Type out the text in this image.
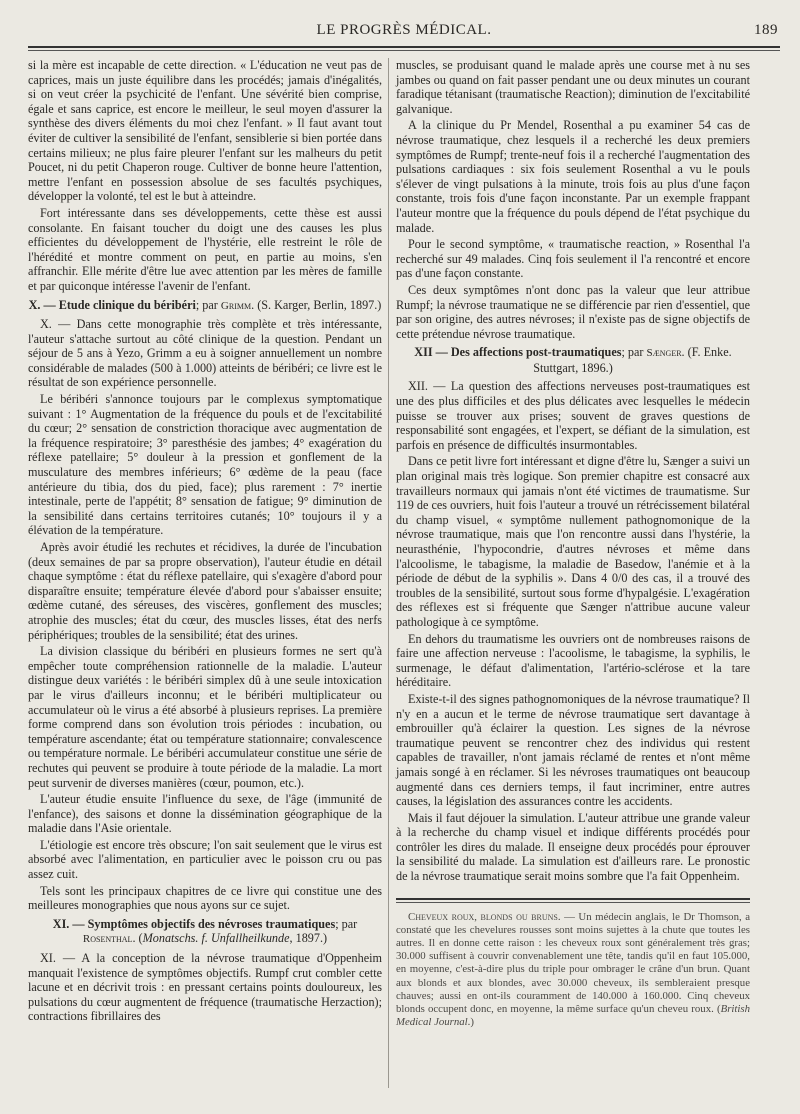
LE PROGRÈS MÉDICAL.	189

si la mère est incapable de cette direction. « L'éducation ne veut pas de caprices, mais un juste équilibre dans les procédés; jamais d'inégalités, si on veut créer la psychicité de l'enfant. Une sévérité bien comprise, égale et sans caprice, est encore le meilleur, le seul moyen d'assurer la synthèse des divers éléments du moi chez l'enfant. » Il faut avant tout éviter de cultiver la sensibilité de l'enfant, sensiblerie si bien portée dans certains milieux; ne plus faire pleurer l'enfant sur les malheurs du petit Poucet, ni du petit Chaperon rouge. Cultiver de bonne heure l'attention, mettre l'enfant en possession absolue de ses facultés psychiques, développer la volonté, tel est le but à atteindre.

Fort intéressante dans ses développements, cette thèse est aussi consolante. En faisant toucher du doigt une des causes les plus efficientes du développement de l'hystérie, elle restreint le rôle de l'hérédité et montre comment on peut, en partie au moins, s'en affranchir. Elle mérite d'être lue avec attention par les mères de famille et par quiconque intéresse l'avenir de l'enfant.

X. — Etude clinique du béribéri; par Grimm. (S. Karger, Berlin, 1897.)

X. — Dans cette monographie très complète et très intéressante, l'auteur s'attache surtout au côté clinique de la question. Pendant un séjour de 5 ans à Yezo, Grimm a eu à soigner annuellement un nombre considérable de malades (500 à 1.000) atteints de béribéri; ce livre est le résultat de son expérience personnelle.

Le béribéri s'annonce toujours par le complexus symptomatique suivant : 1° Augmentation de la fréquence du pouls et de l'excitabilité du cœur; 2° sensation de constriction thoracique avec augmentation de la fréquence respiratoire; 3° paresthésie des jambes; 4° exagération du réflexe patellaire; 5° douleur à la pression et gonflement de la musculature des membres inférieurs; 6° œdème de la peau (face antérieure du tibia, dos du pied, face); plus rarement : 7° inertie intestinale, perte de l'appétit; 8° sensation de fatigue; 9° diminution de la sensibilité dans certains territoires cutanés; 10° toujours il y a élévation de la température.

Après avoir étudié les rechutes et récidives, la durée de l'incubation (deux semaines de par sa propre observation), l'auteur étudie en détail chaque symptôme : état du réflexe patellaire, qui s'exagère d'abord pour disparaître ensuite; température élevée d'abord pour s'abaisser ensuite; œdème cutané, des séreuses, des viscères, gonflement des muscles; atrophie des muscles; état du cœur, des muscles lisses, état des nerfs périphériques; troubles de la sensibilité; état des urines.

La division classique du béribéri en plusieurs formes ne sert qu'à empêcher toute compréhension rationnelle de la maladie. L'auteur distingue deux variétés : le béribéri simplex dû à une seule intoxication par le virus d'ailleurs inconnu; et le béribéri multiplicateur ou accumulateur où le virus a été absorbé à plusieurs reprises. La première forme comprend dans son évolution trois périodes : incubation, ou température ascendante; état ou température stationnaire; convalescence ou température normale. Le béribéri accumulateur constitue une série de rechutes qui peuvent se produire à toute période de la maladie. La mort peut survenir de diverses manières (cœur, poumon, etc.).

L'auteur étudie ensuite l'influence du sexe, de l'âge (immunité de l'enfance), des saisons et donne la dissémination géographique de la maladie dans l'Asie orientale.

L'étiologie est encore très obscure; l'on sait seulement que le virus est absorbé avec l'alimentation, en particulier avec le poisson cru ou pas assez cuit.

Tels sont les principaux chapitres de ce livre qui constitue une des meilleures monographies que nous ayons sur ce sujet.

XI. — Symptômes objectifs des névroses traumatiques; par Rosenthal. (Monatschs. f. Unfallheilkunde, 1897.)

XI. — A la conception de la névrose traumatique d'Oppenheim manquait l'existence de symptômes objectifs. Rumpf crut combler cette lacune et en décrivit trois : en pressant certains points douloureux, les pulsations du cœur augmentent de fréquence (traumatische Herzaction); contractions fibrillaires des

muscles, se produisant quand le malade après une course met à nu ses jambes ou quand on fait passer pendant une ou deux minutes un courant faradique tétanisant (traumatische Reaction); diminution de l'excitabilité galvanique.

A la clinique du Pr Mendel, Rosenthal a pu examiner 54 cas de névrose traumatique, chez lesquels il a recherché les deux premiers symptômes de Rumpf; trente-neuf fois il a recherché l'augmentation des pulsations cardiaques : six fois seulement Rosenthal a vu le pouls s'élever de vingt pulsations à la minute, trois fois au plus d'une façon constante, trois fois d'une façon inconstante. Par un exemple frappant l'auteur montre que la fréquence du pouls dépend de l'état psychique du malade.

Pour le second symptôme, « traumatische reaction, » Rosenthal l'a recherché sur 49 malades. Cinq fois seulement il l'a rencontré et encore pas d'une façon constante.

Ces deux symptômes n'ont donc pas la valeur que leur attribue Rumpf; la névrose traumatique ne se différencie par rien d'essentiel, que par son origine, des autres névroses; il n'existe pas de signe objectifs de cette prétendue névrose traumatique.

XII — Des affections post-traumatiques; par Sænger. (F. Enke. Stuttgart, 1896.)

XII. — La question des affections nerveuses post-traumatiques est une des plus difficiles et des plus délicates avec lesquelles le médecin puisse se trouver aux prises; souvent de graves questions de responsabilité sont engagées, et l'expert, se défiant de la simulation, est parfois en présence de difficultés insurmontables.

Dans ce petit livre fort intéressant et digne d'être lu, Sænger a suivi un plan original mais très logique. Son premier chapitre est consacré aux travailleurs normaux qui jamais n'ont été victimes de traumatisme. Sur 119 de ces ouvriers, huit fois l'auteur a trouvé un rétrécissement bilatéral du champ visuel, « symptôme nullement pathognomonique de la névrose traumatique, mais que l'on rencontre aussi dans l'hystérie, la neurasthénie, l'hypocondrie, d'autres névroses et même dans l'alcoolisme, le tabagisme, la maladie de Basedow, l'anémie et à la période de début de la syphilis ». Dans 4 0/0 des cas, il a trouvé des troubles de la sensibilité, surtout sous forme d'hypalgésie. L'exagération des réflexes est si fréquente que Sænger n'attribue aucune valeur pathologique à ce symptôme.

En dehors du traumatisme les ouvriers ont de nombreuses raisons de faire une affection nerveuse : l'acoolisme, le tabagisme, la syphilis, le surmenage, le défaut d'alimentation, l'artério-sclérose et la tare héréditaire.

Existe-t-il des signes pathognomoniques de la névrose traumatique? Il n'y en a aucun et le terme de névrose traumatique sert davantage à embrouiller qu'à éclairer la question. Les signes de la névrose traumatique peuvent se rencontrer chez des individus qui restent capables de travailler, n'ont jamais réclamé de rentes et n'ont même jamais songé à en réclamer. Si les névroses traumatiques ont beaucoup augmenté dans ces derniers temps, il faut incriminer, entre autres causes, la législation des assurances contre les accidents.

Mais il faut déjouer la simulation. L'auteur attribue une grande valeur à la recherche du champ visuel et indique différents procédés pour contrôler les dires du malade. Il enseigne deux procédés pour éprouver la sensibilité du malade. La simulation est d'ailleurs rare. Le pronostic de la névrose traumatique serait moins sombre que l'a fait Oppenheim.

Cheveux roux, blonds ou bruns. — Un médecin anglais, le Dr Thomson, a constaté que les chevelures rousses sont moins sujettes à la chute que toutes les autres. Il en donne cette raison : les cheveux roux sont généralement très gras; 30.000 suffisent à couvrir convenablement une tête, tandis qu'il en faut 105.000, en moyenne, c'est-à-dire plus du triple pour ombrager le crâne d'un brun. Quant aux blonds et aux blondes, avec 30.000 cheveux, ils sembleraient presque chauves; aussi en ont-ils couramment de 140.000 à 160.000. Cinq cheveux blonds occupent donc, en moyenne, la même surface qu'un cheveu roux. (British Medical Journal.)
